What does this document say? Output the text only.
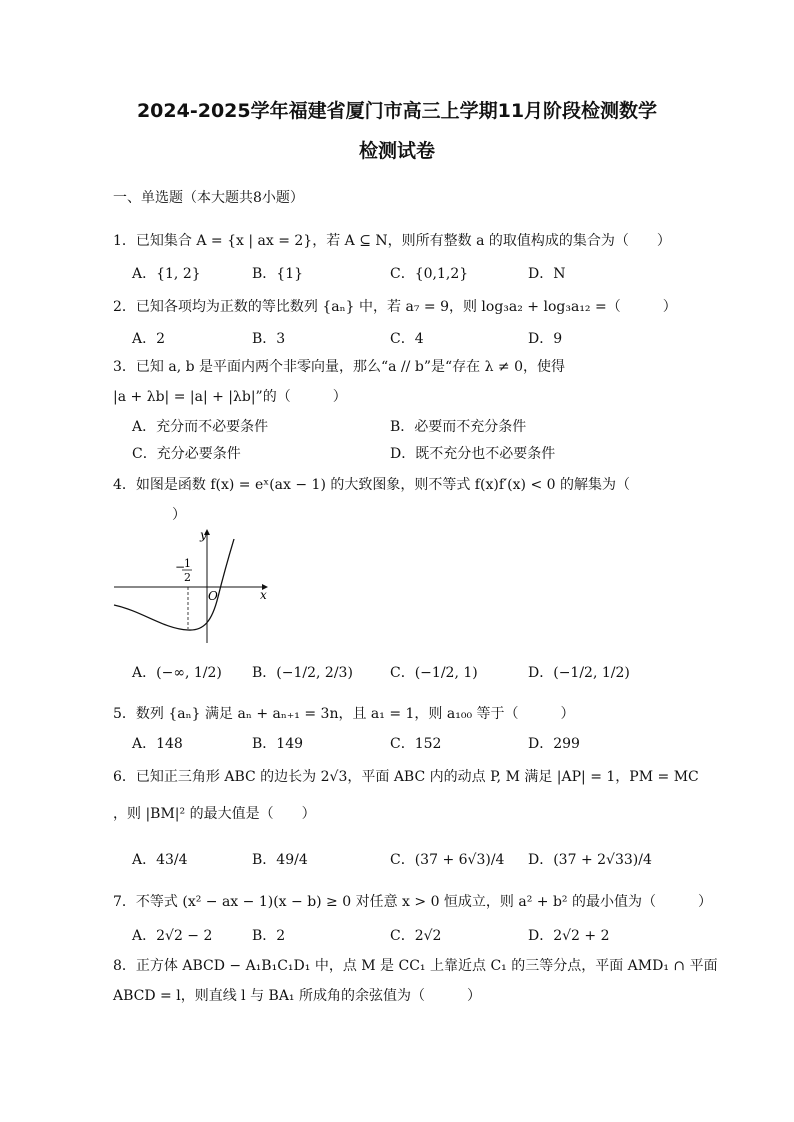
2024-2025学年福建省厦门市高三上学期11月阶段检测数学
检测试卷
一、单选题（本大题共8小题）
1．已知集合 A = {x | ax = 2}，若 A ⊆ N，则所有整数 a 的取值构成的集合为（　　）
A．{1, 2}	B．{1}	C．{0,1,2}	D．N
2．已知各项均为正数的等比数列 {aₙ} 中，若 a₇ = 9，则 log₃a₂ + log₃a₁₂ =（　　　）
A．2	B．3	C．4	D．9
3．已知 a, b 是平面内两个非零向量，那么“a // b”是“存在 λ ≠ 0，使得
|a + λb| = |a| + |λb|”的（　　　）
A．充分而不必要条件	B．必要而不充分条件
C．充分必要条件	D．既不充分也不必要条件
4．如图是函数 f(x) = eˣ(ax − 1) 的大致图象，则不等式 f(x)f′(x) < 0 的解集为（
）
y
x
O
−
1
2
A．(−∞, 1/2) B．(−1/2, 2/3)	C．(−1/2, 1)	D．(−1/2, 1/2)
5．数列 {aₙ} 满足 aₙ + aₙ₊₁ = 3n，且 a₁ = 1，则 a₁₀₀ 等于（　　　）
A．148	B．149	C．152	D．299
6．已知正三角形 ABC 的边长为 2√3，平面 ABC 内的动点 P, M 满足 |AP| = 1，PM = MC
，则 |BM|² 的最大值是（　　）
A．43/4	B．49/4	C．(37 + 6√3)/4 D．(37 + 2√33)/4
7．不等式 (x² − ax − 1)(x − b) ≥ 0 对任意 x > 0 恒成立，则 a² + b² 的最小值为（　　　）
A．2√2 − 2	B．2	C．2√2	D．2√2 + 2
8．正方体 ABCD − A₁B₁C₁D₁ 中，点 M 是 CC₁ 上靠近点 C₁ 的三等分点，平面 AMD₁ ∩ 平面
ABCD = l，则直线 l 与 BA₁ 所成角的余弦值为（　　　）
